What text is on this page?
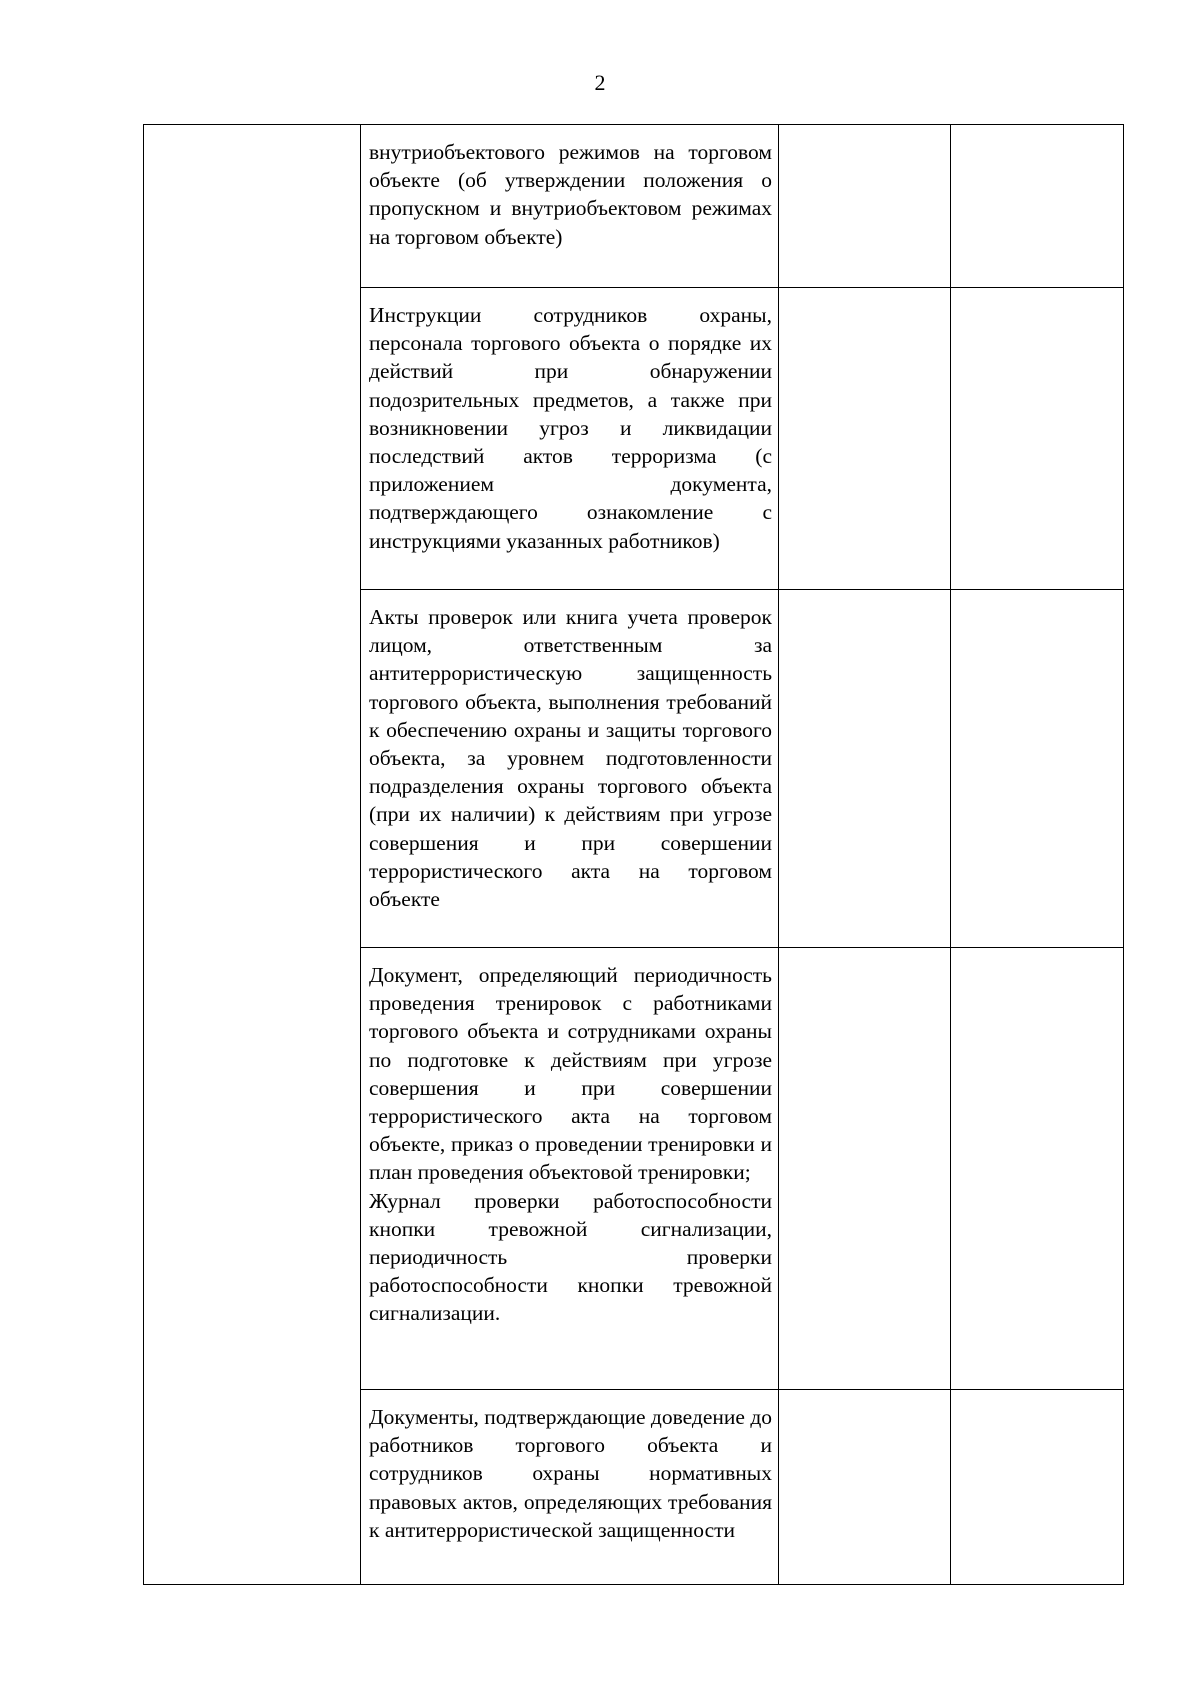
2

	внутриобъектового режимов на торговом объекте (об утверждении положения о пропускном и внутриобъектовом режимах на торговом объекте)		

	Инструкции сотрудников охраны, персонала торгового объекта о порядке их действий при обнаружении подозрительных предметов, а также при возникновении угроз и ликвидации последствий актов терроризма (с приложением документа, подтверждающего ознакомление с инструкциями указанных работников)		

	Акты проверок или книга учета проверок лицом, ответственным за антитеррористическую защищенность торгового объекта, выполнения требований к обеспечению охраны и защиты торгового объекта, за уровнем подготовленности подразделения охраны торгового объекта (при их наличии) к действиям при угрозе совершения и при совершении террористического акта на торговом объекте		

	Документ, определяющий периодичность проведения тренировок с работниками торгового объекта и сотрудниками охраны по подготовке к действиям при угрозе совершения и при совершении террористического акта на торговом объекте, приказ о проведении тренировки и план проведения объектовой тренировки;
Журнал проверки работоспособности кнопки тревожной сигнализации, периодичность проверки работоспособности кнопки тревожной сигнализации.		

	Документы, подтверждающие доведение до работников торгового объекта и сотрудников охраны нормативных правовых актов, определяющих требования к антитеррористической защищенности		
